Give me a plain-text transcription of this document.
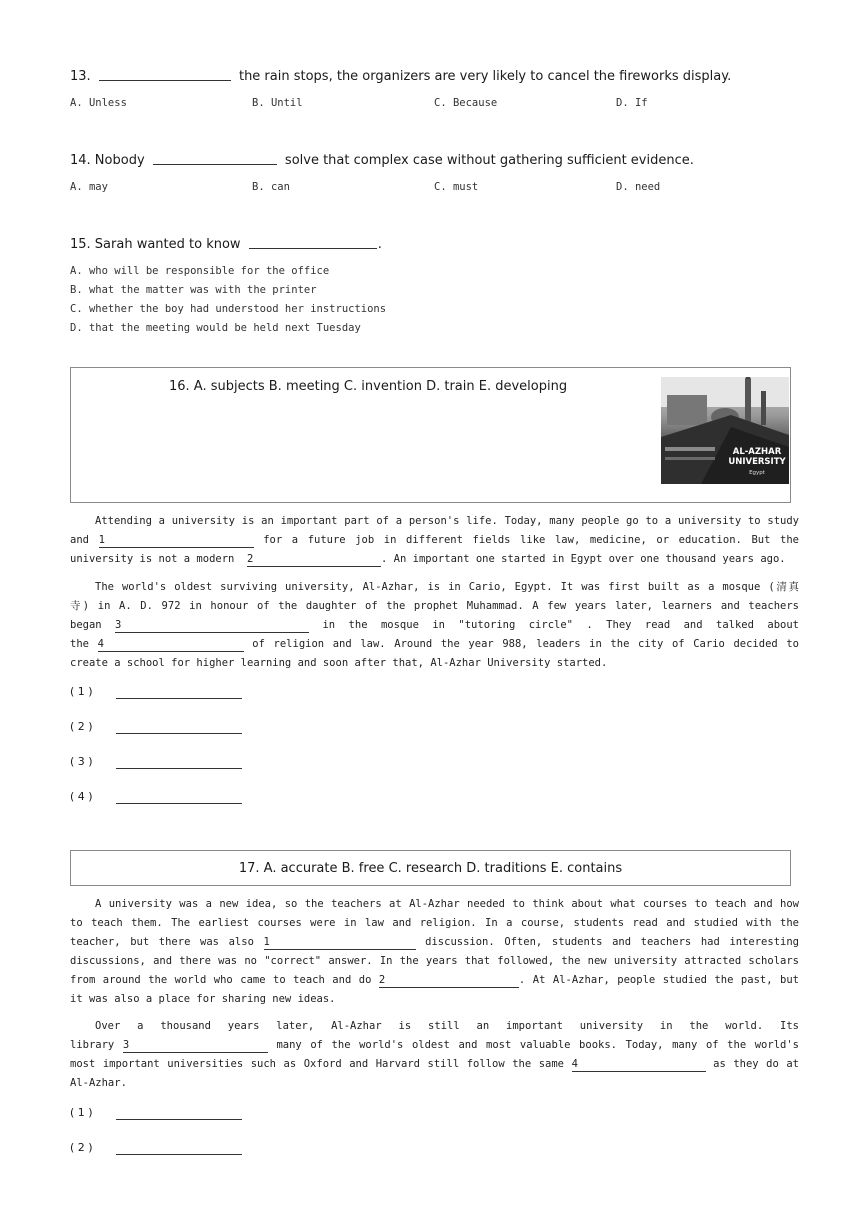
13.	the rain stops, the organizers are very likely to cancel the fireworks display.
A. Unless	B. Until	C. Because	D. If
14. Nobody	solve that complex case without gathering sufficient evidence.
A. may	B. can	C. must	D. need
15. Sarah wanted to know	.
A. who will be responsible for the office
B. what the matter was with the printer
C. whether the boy had understood her instructions
D. that the meeting would be held next Tuesday
16. A. subjects B. meeting C. invention D. train E. developing
AL-AZHAR UNIVERSITY
Egypt
Attending a university is an important part of a person's life. Today, many people go to a university to study
and 1	for a future job in different fields like law, medicine, or education. But the
university is not a modern 2	. An important one started in Egypt over one thousand years ago.
The world's oldest surviving university, Al-Azhar, is in Cario, Egypt. It was first built as a mosque (清真
寺) in A. D. 972 in honour of the daughter of the prophet Muhammad. A few years later, learners and teachers
began 3	in the mosque in "tutoring circle" . They read and talked about
the 4	of religion and law. Around the year 988, leaders in the city of Cario decided to
create a school for higher learning and soon after that, Al-Azhar University started.
( 1 )
( 2 )
( 3 )
( 4 )
17. A. accurate B. free C. research D. traditions E. contains
A university was a new idea, so the teachers at Al-Azhar needed to think about what courses to teach and how
to teach them. The earliest courses were in law and religion. In a course, students read and studied with the
teacher, but there was also 1	discussion. Often, students and teachers had interesting
discussions, and there was no "correct" answer. In the years that followed, the new university attracted scholars
from around the world who came to teach and do 2	. At Al-Azhar, people studied the past, but
it was also a place for sharing new ideas.
Over a thousand years later, Al-Azhar is still an important university in the world. Its
library 3	many of the world's oldest and most valuable books. Today, many of the world's
most important universities such as Oxford and Harvard still follow the same 4	as they do at
Al-Azhar.
( 1 )
( 2 )
